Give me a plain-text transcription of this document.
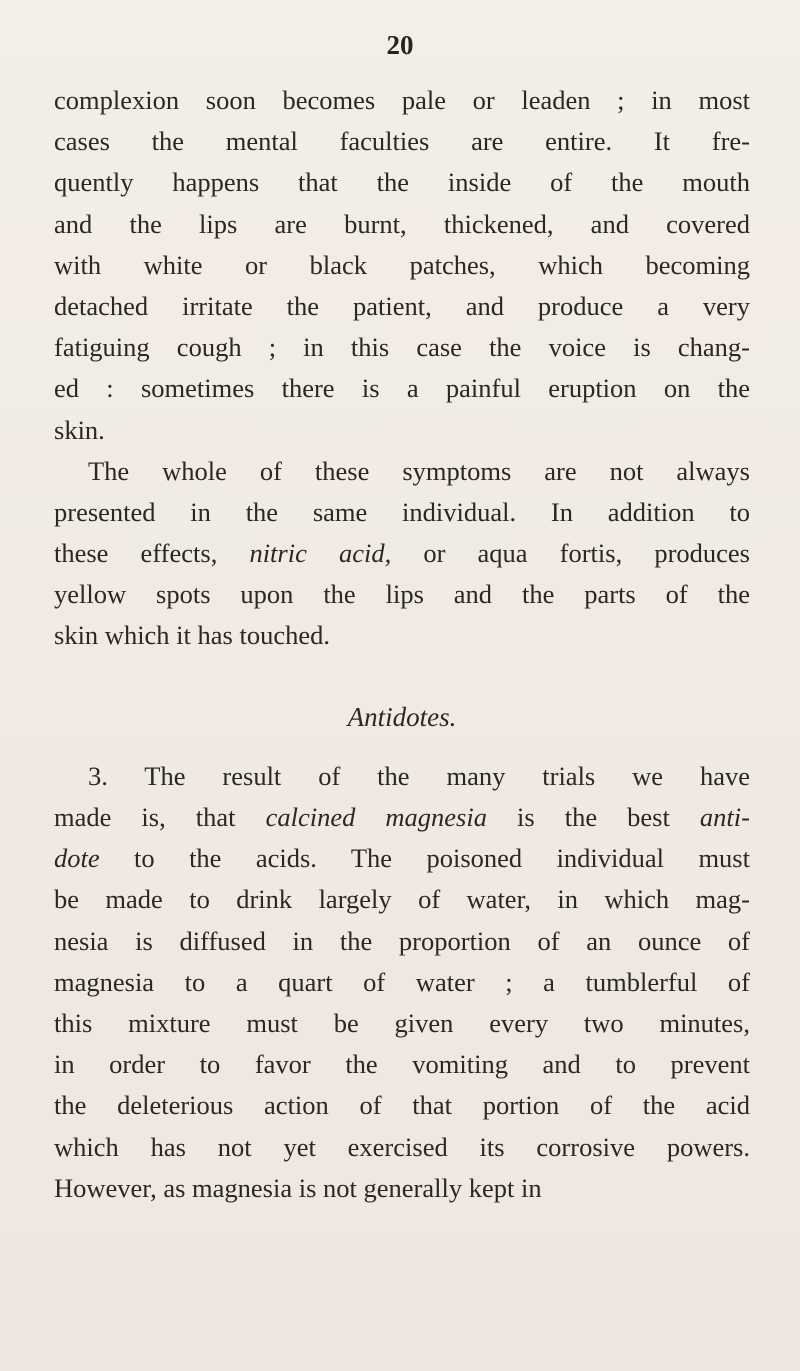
20
complexion soon becomes pale or leaden ; in most
cases the mental faculties are entire. It fre-
quently happens that the inside of the mouth
and the lips are burnt, thickened, and covered
with white or black patches, which becoming
detached irritate the patient, and produce a very
fatiguing cough ; in this case the voice is chang-
ed : sometimes there is a painful eruption on the
skin.
The whole of these symptoms are not always
presented in the same individual. In addition to
these effects, nitric acid, or aqua fortis, produces
yellow spots upon the lips and the parts of the
skin which it has touched.
Antidotes.
3. The result of the many trials we have
made is, that calcined magnesia is the best anti-
dote to the acids. The poisoned individual must
be made to drink largely of water, in which mag-
nesia is diffused in the proportion of an ounce of
magnesia to a quart of water ; a tumblerful of
this mixture must be given every two minutes,
in order to favor the vomiting and to prevent
the deleterious action of that portion of the acid
which has not yet exercised its corrosive powers.
However, as magnesia is not generally kept in
